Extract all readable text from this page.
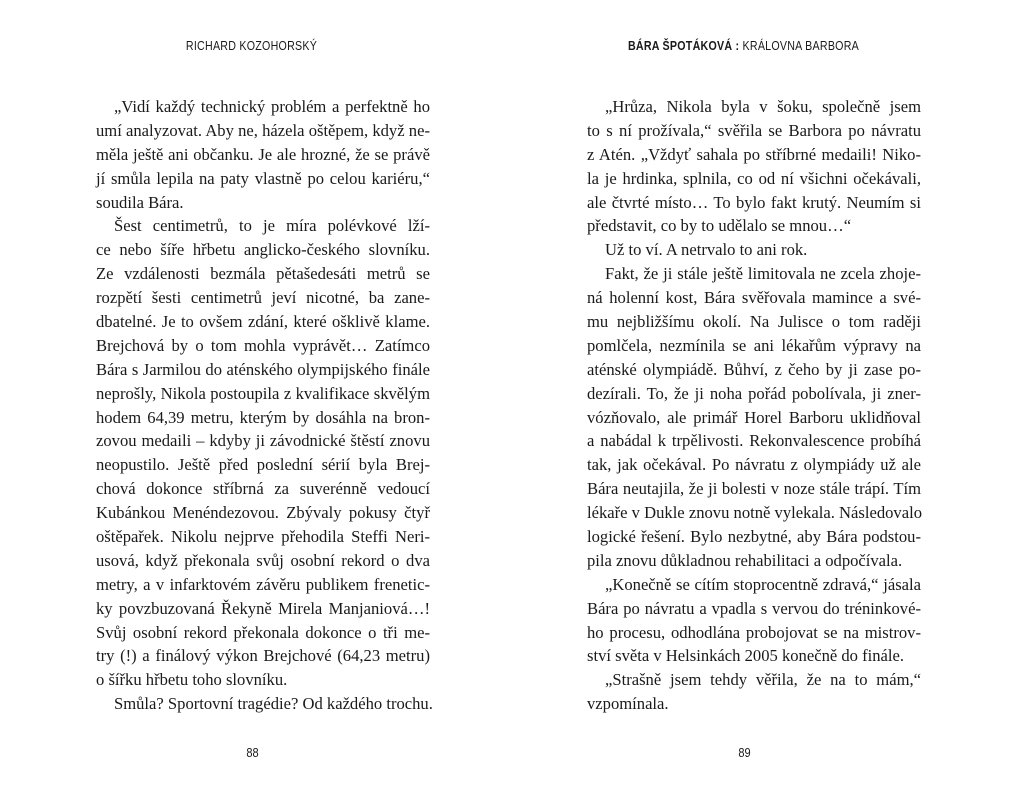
RICHARD KOZOHORSKÝ
„Vidí každý technický problém a perfektně ho
umí analyzovat. Aby ne, házela oštěpem, když ne-
měla ještě ani občanku. Je ale hrozné, že se právě
jí smůla lepila na paty vlastně po celou kariéru,“
soudila Bára.
Šest centimetrů, to je míra polévkové lží-
ce nebo šíře hřbetu anglicko-českého slovníku.
Ze vzdálenosti bezmála pětašedesáti metrů se
rozpětí šesti centimetrů jeví nicotné, ba zane-
dbatelné. Je to ovšem zdání, které ošklivě klame.
Brejchová by o tom mohla vyprávět… Zatímco
Bára s Jarmilou do aténského olympijského finále
neprošly, Nikola postoupila z kvalifikace skvělým
hodem 64,39 metru, kterým by dosáhla na bron-
zovou medaili – kdyby ji závodnické štěstí znovu
neopustilo. Ještě před poslední sérií byla Brej-
chová dokonce stříbrná za suverénně vedoucí
Kubánkou Menéndezovou. Zbývaly pokusy čtyř
oštěpařek. Nikolu nejprve přehodila Steffi Neri-
usová, když překonala svůj osobní rekord o dva
metry, a v infarktovém závěru publikem frenetic-
ky povzbuzovaná Řekyně Mirela Manjaniová…!
Svůj osobní rekord překonala dokonce o tři me-
try (!) a finálový výkon Brejchové (64,23 metru)
o šířku hřbetu toho slovníku.
Smůla? Sportovní tragédie? Od každého trochu.
88
BÁRA ŠPOTÁKOVÁ : KRÁLOVNA BARBORA
„Hrůza, Nikola byla v šoku, společně jsem
to s ní prožívala,“ svěřila se Barbora po návratu
z Atén. „Vždyť sahala po stříbrné medaili! Niko-
la je hrdinka, splnila, co od ní všichni očekávali,
ale čtvrté místo… To bylo fakt krutý. Neumím si
představit, co by to udělalo se mnou…“
Už to ví. A netrvalo to ani rok.
Fakt, že ji stále ještě limitovala ne zcela zhoje-
ná holenní kost, Bára svěřovala mamince a své-
mu nejbližšímu okolí. Na Julisce o tom raději
pomlčela, nezmínila se ani lékařům výpravy na
aténské olympiádě. Bůhví, z čeho by ji zase po-
dezírali. To, že ji noha pořád pobolívala, ji zner-
vózňovalo, ale primář Horel Barboru uklidňoval
a nabádal k trpělivosti. Rekonvalescence probíhá
tak, jak očekával. Po návratu z olympiády už ale
Bára neutajila, že ji bolesti v noze stále trápí. Tím
lékaře v Dukle znovu notně vylekala. Následovalo
logické řešení. Bylo nezbytné, aby Bára podstou-
pila znovu důkladnou rehabilitaci a odpočívala.
„Konečně se cítím stoprocentně zdravá,“ jásala
Bára po návratu a vpadla s vervou do tréninkové-
ho procesu, odhodlána probojovat se na mistrov-
ství světa v Helsinkách 2005 konečně do finále.
„Strašně jsem tehdy věřila, že na to mám,“
vzpomínala.
89
